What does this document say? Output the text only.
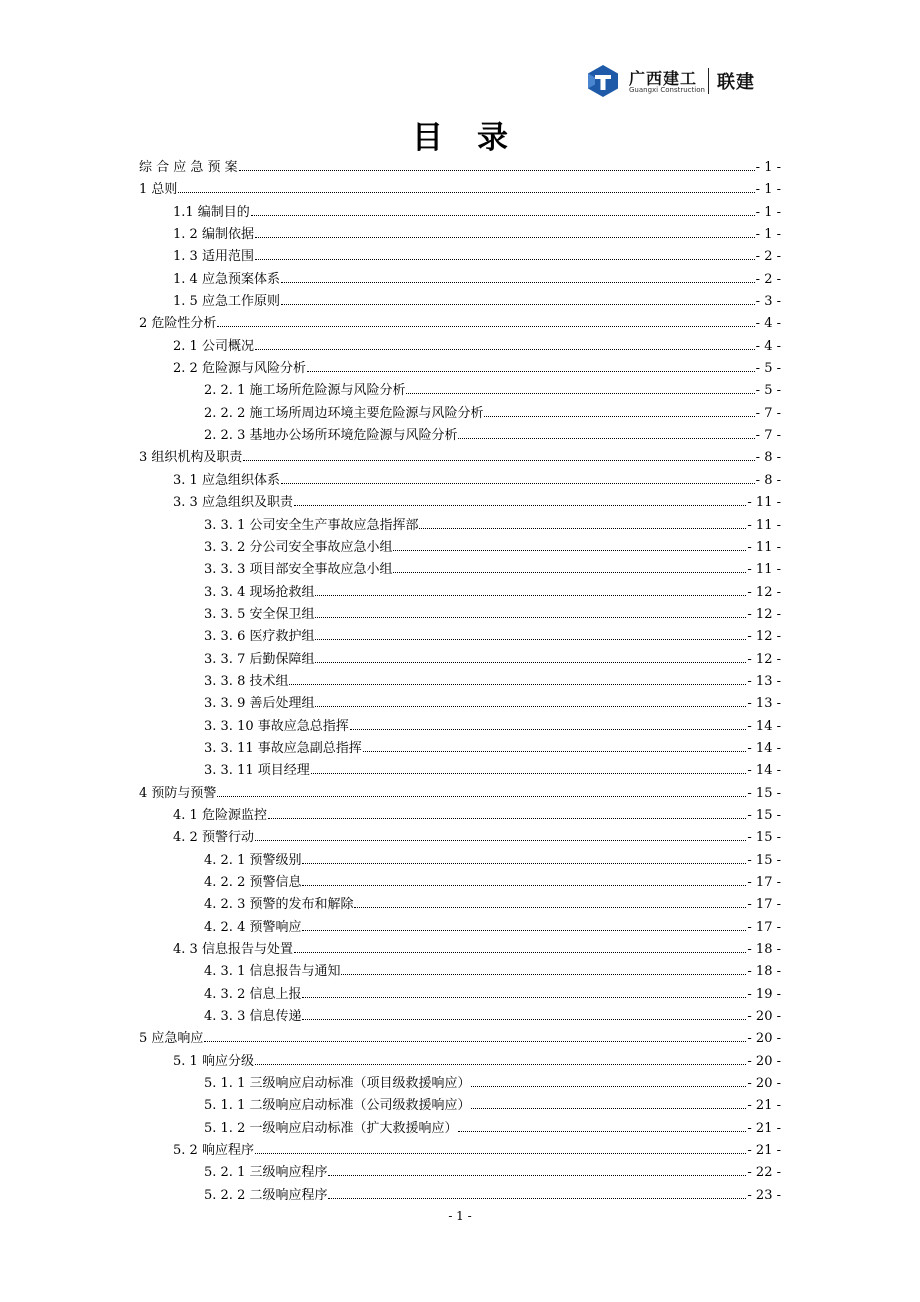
广西建工
Guangxi Construction 联建
目录
综 合 应 急 预 案	- 1 -
1 总则	- 1 -
1.1 编制目的	- 1 -
1. 2 编制依据	- 1 -
1. 3 适用范围	- 2 -
1. 4 应急预案体系	- 2 -
1. 5 应急工作原则	- 3 -
2 危险性分析	- 4 -
2. 1 公司概况	- 4 -
2. 2 危险源与风险分析	- 5 -
2. 2. 1 施工场所危险源与风险分析	- 5 -
2. 2. 2 施工场所周边环境主要危险源与风险分析	- 7 -
2. 2. 3 基地办公场所环境危险源与风险分析	- 7 -
3 组织机构及职责	- 8 -
3. 1 应急组织体系	- 8 -
3. 3 应急组织及职责	- 11 -
3. 3. 1 公司安全生产事故应急指挥部	- 11 -
3. 3. 2 分公司安全事故应急小组	- 11 -
3. 3. 3 项目部安全事故应急小组	- 11 -
3. 3. 4 现场抢救组	- 12 -
3. 3. 5 安全保卫组	- 12 -
3. 3. 6 医疗救护组	- 12 -
3. 3. 7 后勤保障组	- 12 -
3. 3. 8 技术组	- 13 -
3. 3. 9 善后处理组	- 13 -
3. 3. 10 事故应急总指挥	- 14 -
3. 3. 11 事故应急副总指挥	- 14 -
3. 3. 11 项目经理	- 14 -
4 预防与预警	- 15 -
4. 1 危险源监控	- 15 -
4. 2 预警行动	- 15 -
4. 2. 1 预警级别	- 15 -
4. 2. 2 预警信息	- 17 -
4. 2. 3 预警的发布和解除	- 17 -
4. 2. 4 预警响应	- 17 -
4. 3 信息报告与处置	- 18 -
4. 3. 1 信息报告与通知	- 18 -
4. 3. 2 信息上报	- 19 -
4. 3. 3 信息传递	- 20 -
5 应急响应	- 20 -
5. 1 响应分级	- 20 -
5. 1. 1 三级响应启动标准（项目级救援响应）	- 20 -
5. 1. 1 二级响应启动标准（公司级救援响应）	- 21 -
5. 1. 2 一级响应启动标准（扩大救援响应）	- 21 -
5. 2 响应程序	- 21 -
5. 2. 1 三级响应程序	- 22 -
5. 2. 2 二级响应程序	- 23 -
- 1 -
